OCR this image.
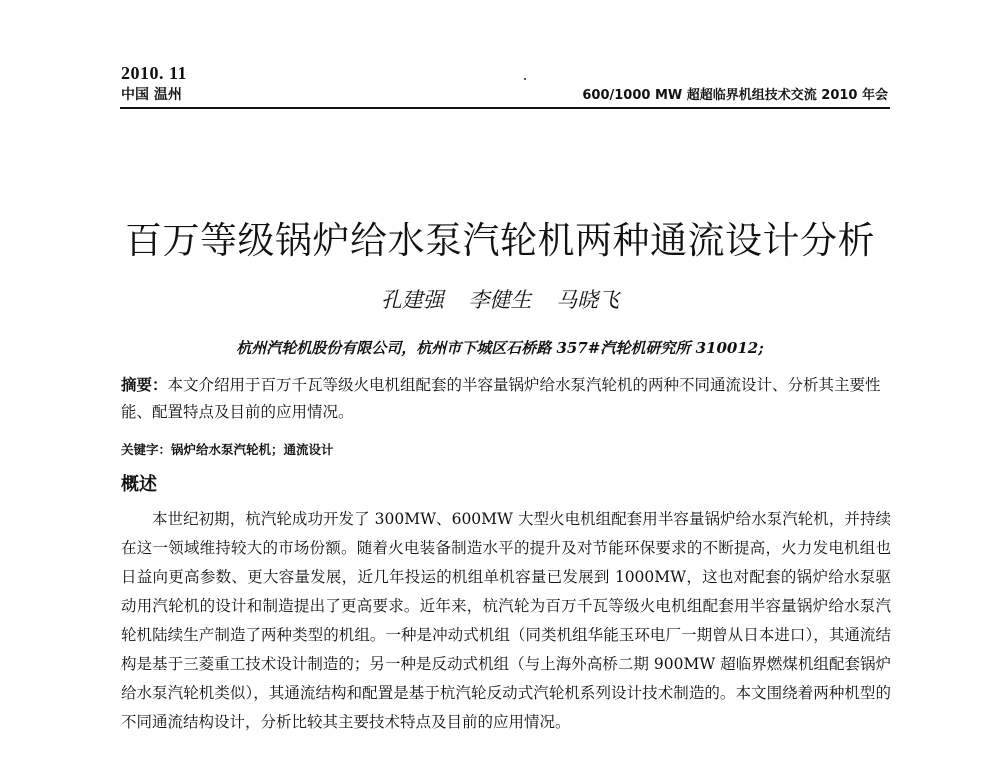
2010. 11
中国 温州	600/1000 MW 超超临界机组技术交流 2010 年会
百万等级锅炉给水泵汽轮机两种通流设计分析
孔建强 李健生 马晓飞
杭州汽轮机股份有限公司，杭州市下城区石桥路 357#汽轮机研究所 310012;
摘要：本文介绍用于百万千瓦等级火电机组配套的半容量锅炉给水泵汽轮机的两种不同通流设计、分析其主要性能、配置特点及目前的应用情况。
关键字：锅炉给水泵汽轮机；通流设计
概述

本世纪初期，杭汽轮成功开发了 300MW、600MW 大型火电机组配套用半容量锅炉给水泵汽轮机，并持续在这一领域维持较大的市场份额。随着火电装备制造水平的提升及对节能环保要求的不断提高，火力发电机组也日益向更高参数、更大容量发展，近几年投运的机组单机容量已发展到 1000MW，这也对配套的锅炉给水泵驱动用汽轮机的设计和制造提出了更高要求。近年来，杭汽轮为百万千瓦等级火电机组配套用半容量锅炉给水泵汽轮机陆续生产制造了两种类型的机组。一种是冲动式机组（同类机组华能玉环电厂一期曾从日本进口），其通流结构是基于三菱重工技术设计制造的；另一种是反动式机组（与上海外高桥二期 900MW 超临界燃煤机组配套锅炉给水泵汽轮机类似），其通流结构和配置是基于杭汽轮反动式汽轮机系列设计技术制造的。本文围绕着两种机型的不同通流结构设计，分析比较其主要技术特点及目前的应用情况。
